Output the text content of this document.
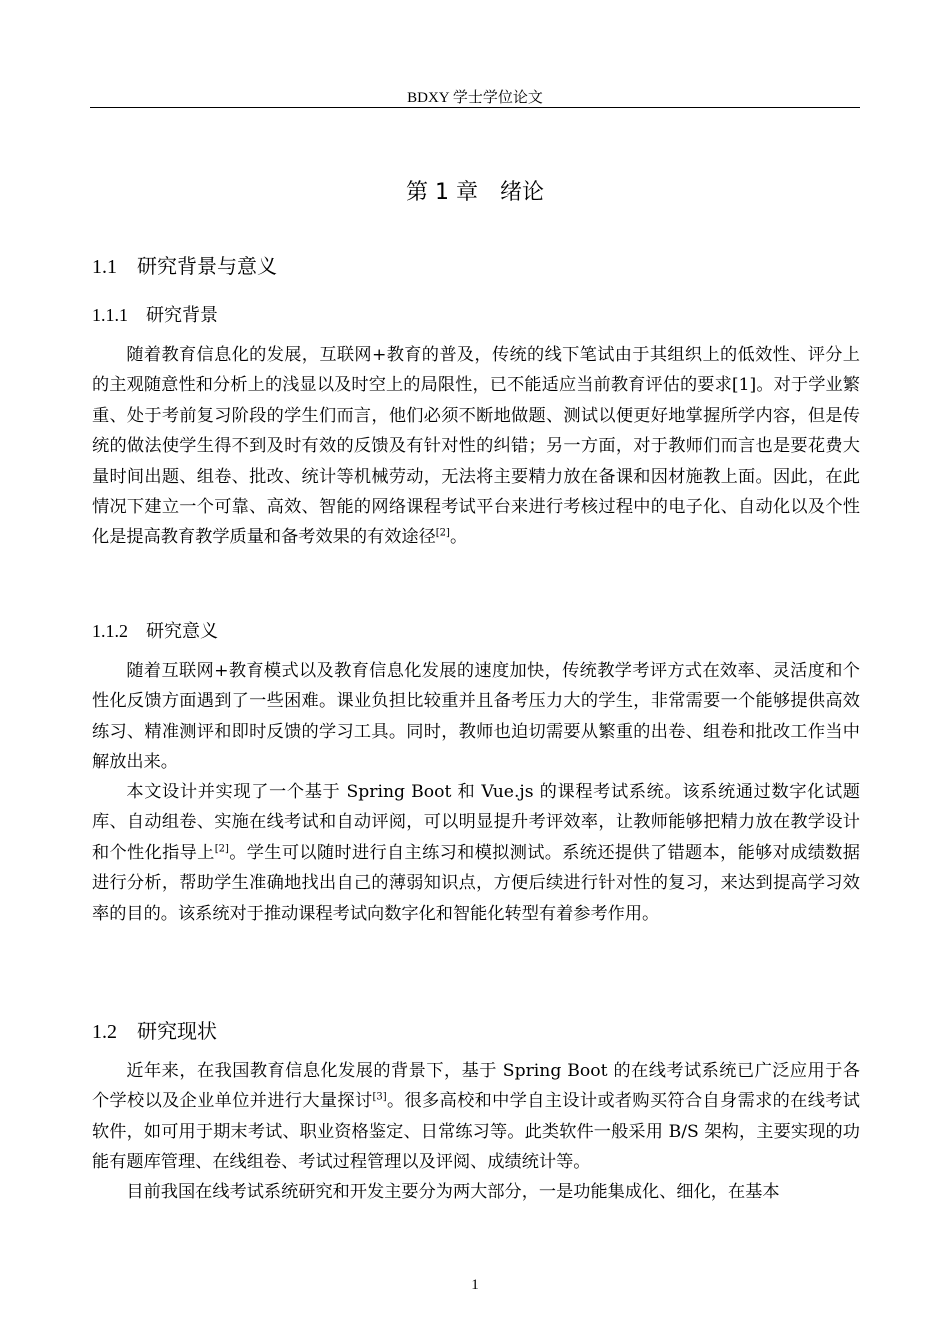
BDXY 学士学位论文
第 1 章 绪论
1.1 研究背景与意义
1.1.1 研究背景

随着教育信息化的发展，互联网+教育的普及，传统的线下笔试由于其组织上的低效性、评分上的主观随意性和分析上的浅显以及时空上的局限性，已不能适应当前教育评估的要求[1]。对于学业繁重、处于考前复习阶段的学生们而言，他们必须不断地做题、测试以便更好地掌握所学内容，但是传统的做法使学生得不到及时有效的反馈及有针对性的纠错；另一方面，对于教师们而言也是要花费大量时间出题、组卷、批改、统计等机械劳动，无法将主要精力放在备课和因材施教上面。因此，在此情况下建立一个可靠、高效、智能的网络课程考试平台来进行考核过程中的电子化、自动化以及个性化是提高教育教学质量和备考效果的有效途径[2]。

1.1.2 研究意义

随着互联网+教育模式以及教育信息化发展的速度加快，传统教学考评方式在效率、灵活度和个性化反馈方面遇到了一些困难。课业负担比较重并且备考压力大的学生，非常需要一个能够提供高效练习、精准测评和即时反馈的学习工具。同时，教师也迫切需要从繁重的出卷、组卷和批改工作当中解放出来。

本文设计并实现了一个基于 Spring Boot 和 Vue.js 的课程考试系统。该系统通过数字化试题库、自动组卷、实施在线考试和自动评阅，可以明显提升考评效率，让教师能够把精力放在教学设计和个性化指导上[2]。学生可以随时进行自主练习和模拟测试。系统还提供了错题本，能够对成绩数据进行分析，帮助学生准确地找出自己的薄弱知识点，方便后续进行针对性的复习，来达到提高学习效率的目的。该系统对于推动课程考试向数字化和智能化转型有着参考作用。

1.2 研究现状

近年来，在我国教育信息化发展的背景下，基于 Spring Boot 的在线考试系统已广泛应用于各个学校以及企业单位并进行大量探讨[3]。很多高校和中学自主设计或者购买符合自身需求的在线考试软件，如可用于期末考试、职业资格鉴定、日常练习等。此类软件一般采用 B/S 架构，主要实现的功能有题库管理、在线组卷、考试过程管理以及评阅、成绩统计等。

目前我国在线考试系统研究和开发主要分为两大部分，一是功能集成化、细化，在基本

1
